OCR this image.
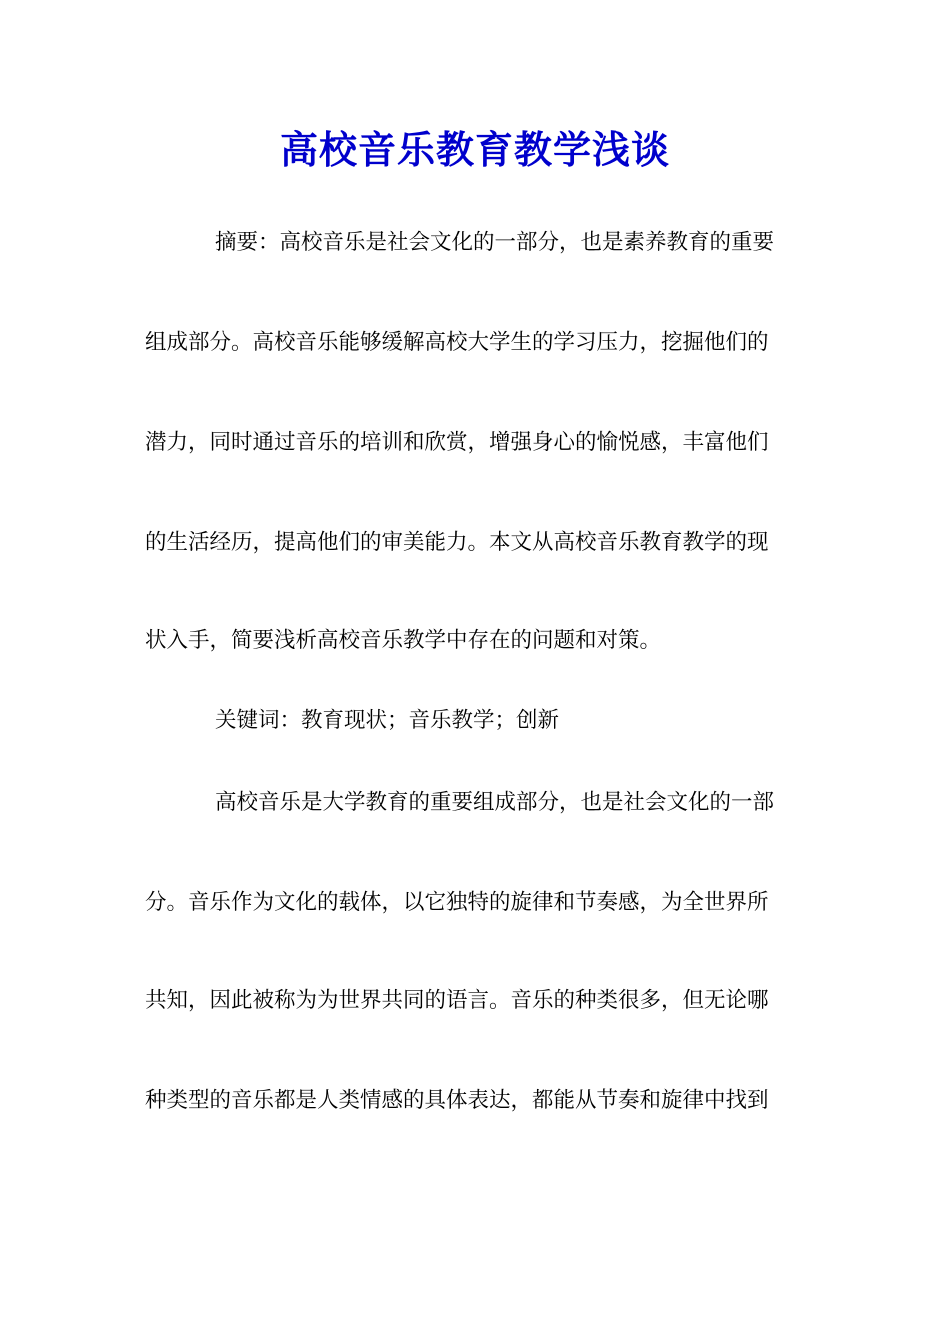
高校音乐教育教学浅谈

摘要：高校音乐是社会文化的一部分，也是素养教育的重要

组成部分。高校音乐能够缓解高校大学生的学习压力，挖掘他们的

潜力，同时通过音乐的培训和欣赏，增强身心的愉悦感，丰富他们

的生活经历，提高他们的审美能力。本文从高校音乐教育教学的现

状入手，简要浅析高校音乐教学中存在的问题和对策。

关键词：教育现状；音乐教学；创新

高校音乐是大学教育的重要组成部分，也是社会文化的一部

分。音乐作为文化的载体，以它独特的旋律和节奏感，为全世界所

共知，因此被称为为世界共同的语言。音乐的种类很多，但无论哪

种类型的音乐都是人类情感的具体表达，都能从节奏和旋律中找到
